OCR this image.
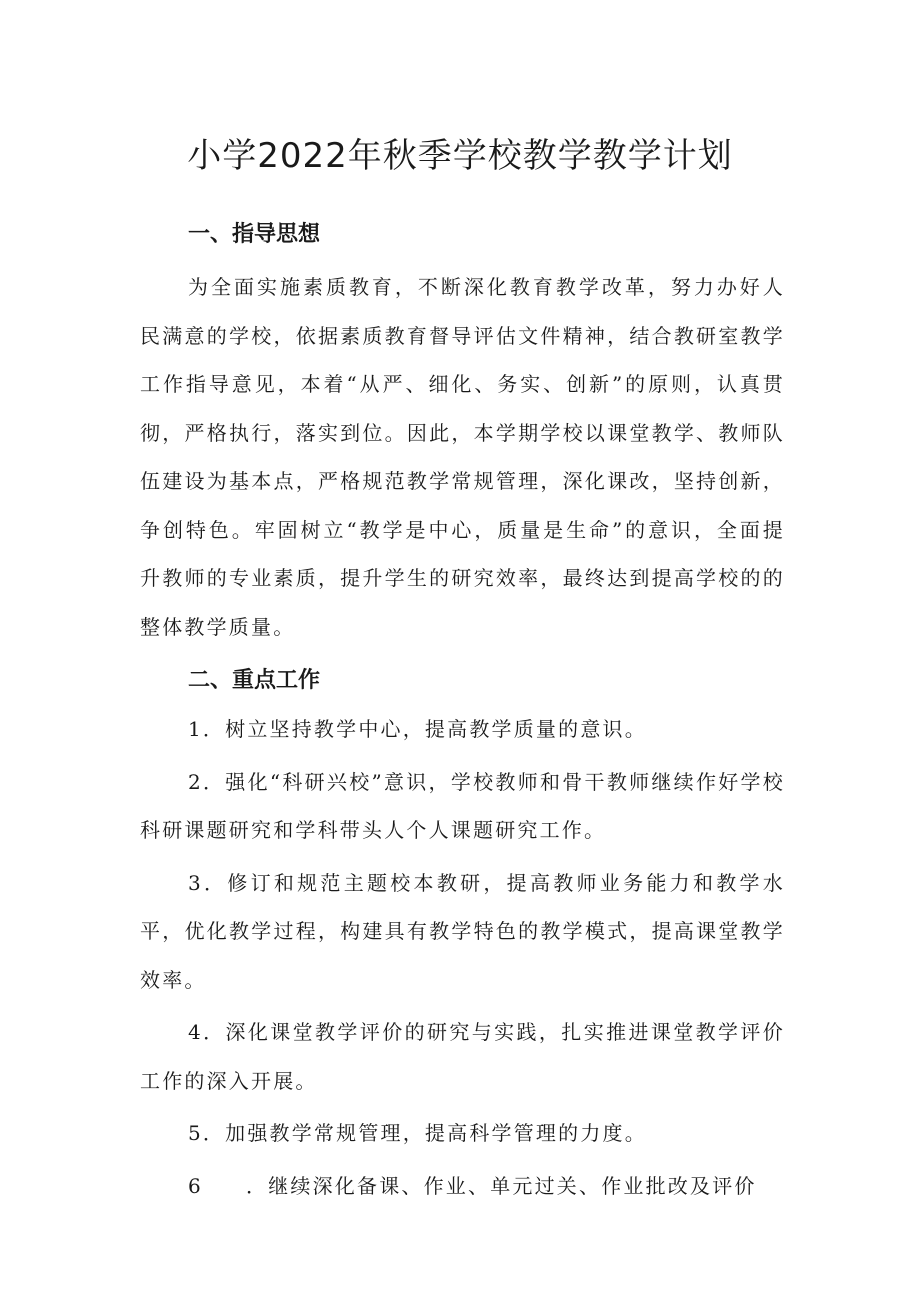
小学2022年秋季学校教学教学计划
一、指导思想

为全面实施素质教育，不断深化教育教学改革，努力办好人民满意的学校，依据素质教育督导评估文件精神，结合教研室教学工作指导意见，本着“从严、细化、务实、创新”的原则，认真贯彻，严格执行，落实到位。因此，本学期学校以课堂教学、教师队伍建设为基本点，严格规范教学常规管理，深化课改，坚持创新，争创特色。牢固树立“教学是中心，质量是生命”的意识，全面提升教师的专业素质，提升学生的研究效率，最终达到提高学校的的整体教学质量。

二、重点工作

1．树立坚持教学中心，提高教学质量的意识。

2．强化“科研兴校”意识，学校教师和骨干教师继续作好学校科研课题研究和学科带头人个人课题研究工作。

3．修订和规范主题校本教研，提高教师业务能力和教学水平，优化教学过程，构建具有教学特色的教学模式，提高课堂教学效率。

4．深化课堂教学评价的研究与实践，扎实推进课堂教学评价工作的深入开展。

5．加强教学常规管理，提高科学管理的力度。

6 ．继续深化备课、作业、单元过关、作业批改及评价
